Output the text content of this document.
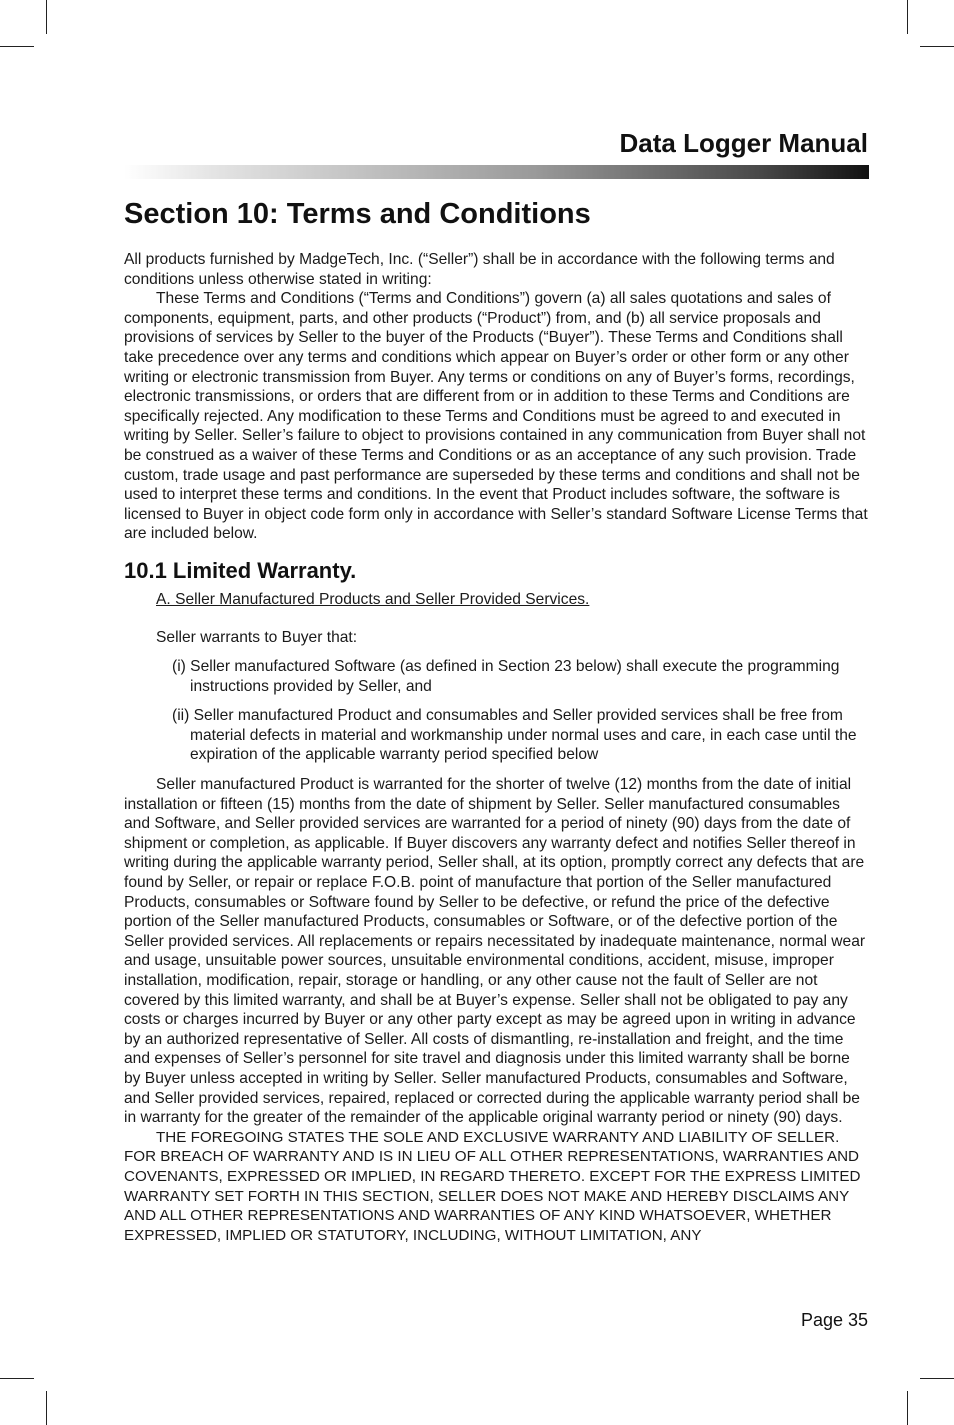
Data Logger Manual
Section 10: Terms and Conditions

All products furnished by MadgeTech, Inc. (“Seller”) shall be in accordance with the following terms and conditions unless otherwise stated in writing:

These Terms and Conditions (“Terms and Conditions”) govern (a) all sales quotations and sales of components, equipment, parts, and other products (“Product”) from, and (b) all service proposals and provisions of services by Seller to the buyer of the Products (“Buyer”). These Terms and Conditions shall take precedence over any terms and conditions which appear on Buyer’s order or other form or any other writing or electronic transmission from Buyer. Any terms or conditions on any of Buyer’s forms, recordings, electronic transmissions, or orders that are different from or in addition to these Terms and Conditions are specifically rejected. Any modification to these Terms and Conditions must be agreed to and executed in writing by Seller. Seller’s failure to object to provisions contained in any communication from Buyer shall not be construed as a waiver of these Terms and Conditions or as an acceptance of any such provision. Trade custom, trade usage and past performance are superseded by these terms and conditions and shall not be used to interpret these terms and conditions. In the event that Product includes software, the software is licensed to Buyer in object code form only in accordance with Seller’s standard Software License Terms that are included below.

10.1 Limited Warranty.

A. Seller Manufactured Products and Seller Provided Services.

Seller warrants to Buyer that:

(i) Seller manufactured Software (as defined in Section 23 below) shall execute the programming instructions provided by Seller, and

(ii) Seller manufactured Product and consumables and Seller provided services shall be free from material defects in material and workmanship under normal uses and care, in each case until the expiration of the applicable warranty period specified below

Seller manufactured Product is warranted for the shorter of twelve (12) months from the date of initial installation or fifteen (15) months from the date of shipment by Seller. Seller manufactured consumables and Software, and Seller provided services are warranted for a period of ninety (90) days from the date of shipment or completion, as applicable. If Buyer discovers any warranty defect and notifies Seller thereof in writing during the applicable warranty period, Seller shall, at its option, promptly correct any defects that are found by Seller, or repair or replace F.O.B. point of manufacture that portion of the Seller manufactured Products, consumables or Software found by Seller to be defective, or refund the price of the defective portion of the Seller manufactured Products, consumables or Software, or of the defective portion of the Seller provided services. All replacements or repairs necessitated by inadequate maintenance, normal wear and usage, unsuitable power sources, unsuitable environmental conditions, accident, misuse, improper installation, modification, repair, storage or handling, or any other cause not the fault of Seller are not covered by this limited warranty, and shall be at Buyer’s expense. Seller shall not be obligated to pay any costs or charges incurred by Buyer or any other party except as may be agreed upon in writing in advance by an authorized representative of Seller. All costs of dismantling, re-installation and freight, and the time and expenses of Seller’s personnel for site travel and diagnosis under this limited warranty shall be borne by Buyer unless accepted in writing by Seller. Seller manufactured Products, consumables and Software, and Seller provided services, repaired, replaced or corrected during the applicable warranty period shall be in warranty for the greater of the remainder of the applicable original warranty period or ninety (90) days.

THE FOREGOING STATES THE SOLE AND EXCLUSIVE WARRANTY AND LIABILITY OF SELLER. FOR BREACH OF WARRANTY AND IS IN LIEU OF ALL OTHER REPRESENTATIONS, WARRANTIES AND COVENANTS, EXPRESSED OR IMPLIED, IN REGARD THERETO. EXCEPT FOR THE EXPRESS LIMITED WARRANTY SET FORTH IN THIS SECTION, SELLER DOES NOT MAKE AND HEREBY DISCLAIMS ANY AND ALL OTHER REPRESENTATIONS AND WARRANTIES OF ANY KIND WHATSOEVER, WHETHER EXPRESSED, IMPLIED OR STATUTORY, INCLUDING, WITHOUT LIMITATION, ANY

Page 35
